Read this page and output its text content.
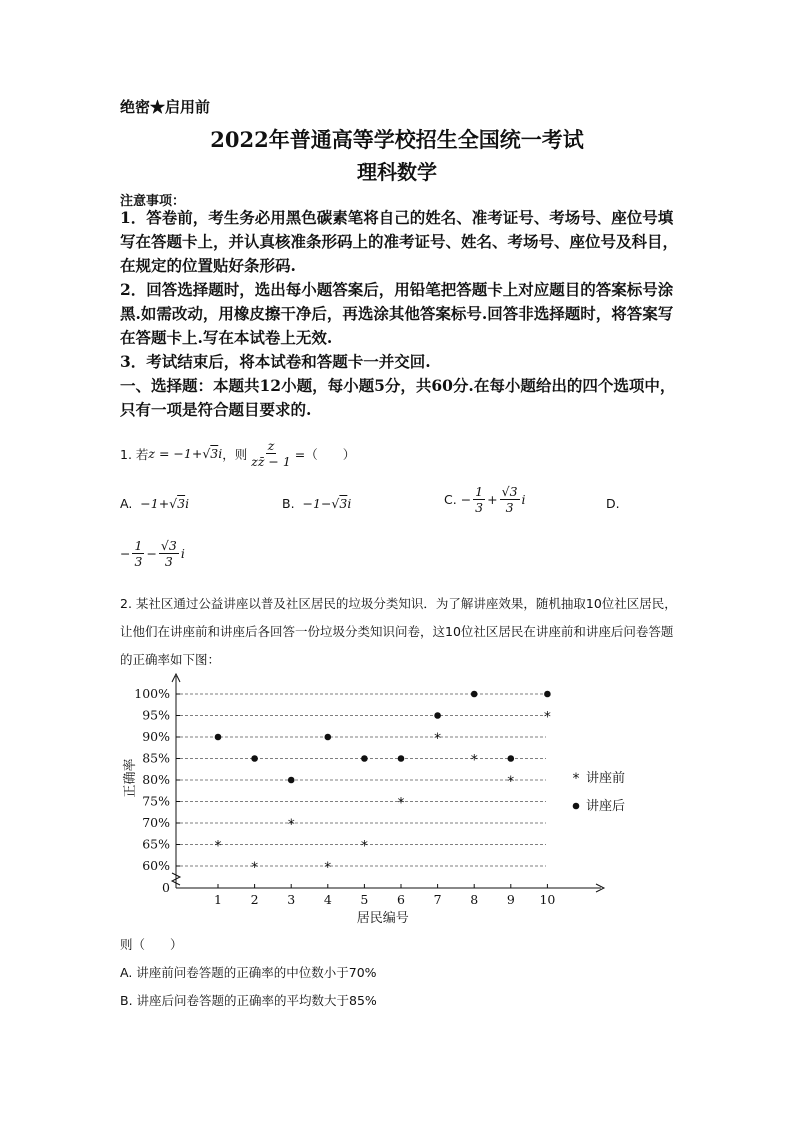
绝密★启用前
2022年普通高等学校招生全国统一考试
理科数学
注意事项：

1．答卷前，考生务必用黑色碳素笔将自己的姓名、准考证号、考场号、座位号填写在答题卡上，并认真核准条形码上的准考证号、姓名、考场号、座位号及科目，在规定的位置贴好条形码.

2．回答选择题时，选出每小题答案后，用铅笔把答题卡上对应题目的答案标号涂黑.如需改动，用橡皮擦干净后，再选涂其他答案标号.回答非选择题时，将答案写在答题卡上.写在本试卷上无效.

3．考试结束后，将本试卷和答题卡一并交回.

一、选择题：本题共12小题，每小题5分，共60分.在每小题给出的四个选项中，只有一项是符合题目要求的.

1. 若 z = −1+ √3 i ，则 $\frac{z}{zz̄ - 1}$ =（　　）
A.
−1+ √3 i	B.
−1− √3 i	C.
− $\frac{1}{3} + \frac{√3}{3}$ i	D.
− $\frac{1}{3} - \frac{√3}{3}$ i
2. 某社区通过公益讲座以普及社区居民的垃圾分类知识．为了解讲座效果，随机抽取10位社区居民，让他们在讲座前和讲座后各回答一份垃圾分类知识问卷，这10位社区居民在讲座前和讲座后问卷答题的正确率如下图：
0
60%
65%
70%
75%
80%
85%
90%
95%
100%
1 2 3 4 5 6 7 8 9 10
居民编号
正确率
*
*
*
*
*
*
*
*
*
*
* 讲座前
讲座后
则（　　）
A. 讲座前问卷答题的正确率的中位数小于70%
B. 讲座后问卷答题的正确率的平均数大于85%
